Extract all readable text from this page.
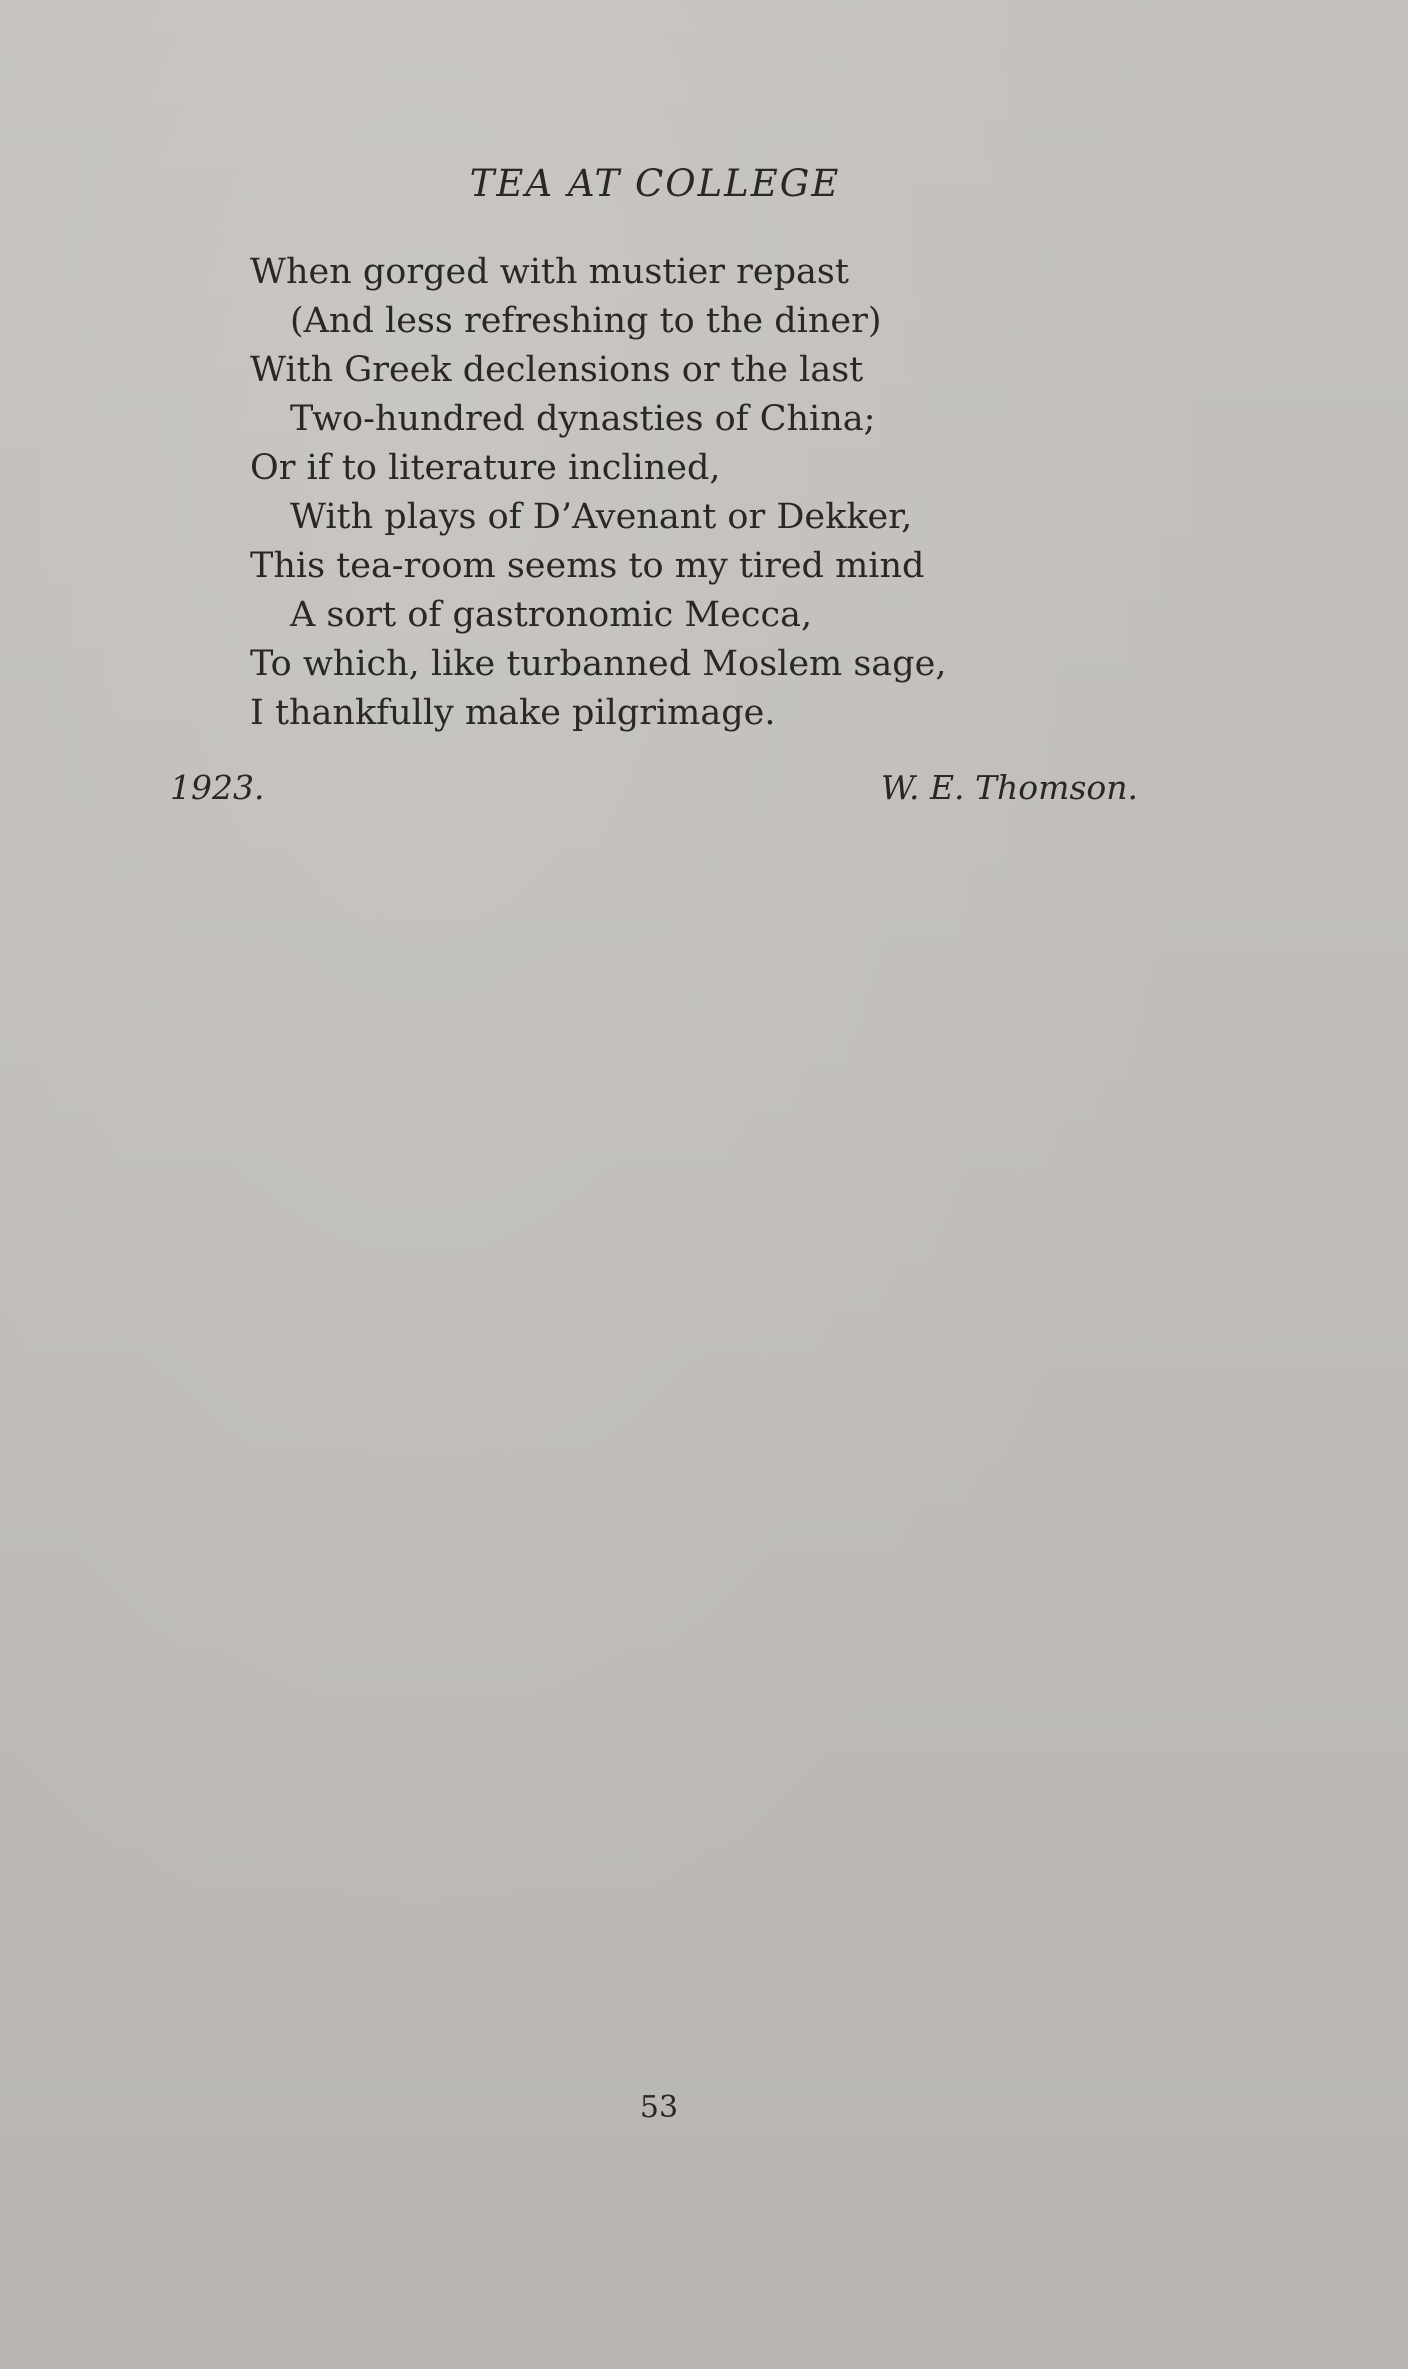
TEA AT COLLEGE
When gorged with mustier repast
(And less refreshing to the diner)
With Greek declensions or the last
Two-hundred dynasties of China;
Or if to literature inclined,
With plays of D’Avenant or Dekker,
This tea-room seems to my tired mind
A sort of gastronomic Mecca,
To which, like turbanned Moslem sage,
I thankfully make pilgrimage.
1923.	W. E. Thomson.
53
